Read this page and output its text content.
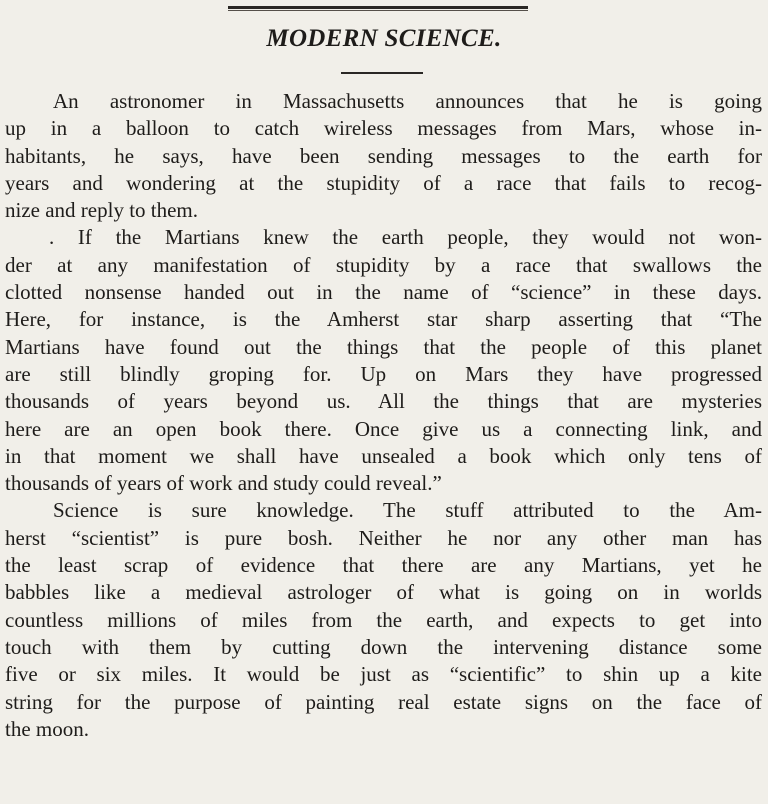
MODERN SCIENCE.
An astronomer in Massachusetts announces that he is going
up in a balloon to catch wireless messages from Mars, whose in-
habitants, he says, have been sending messages to the earth for
years and wondering at the stupidity of a race that fails to recog-
nize and reply to them.
. If the Martians knew the earth people, they would not won-
der at any manifestation of stupidity by a race that swallows the
clotted nonsense handed out in the name of “science” in these days.
Here, for instance, is the Amherst star sharp asserting that “The
Martians have found out the things that the people of this planet
are still blindly groping for. Up on Mars they have progressed
thousands of years beyond us. All the things that are mysteries
here are an open book there. Once give us a connecting link, and
in that moment we shall have unsealed a book which only tens of
thousands of years of work and study could reveal.”
Science is sure knowledge. The stuff attributed to the Am-
herst “scientist” is pure bosh. Neither he nor any other man has
the least scrap of evidence that there are any Martians, yet he
babbles like a medieval astrologer of what is going on in worlds
countless millions of miles from the earth, and expects to get into
touch with them by cutting down the intervening distance some
five or six miles. It would be just as “scientific” to shin up a kite
string for the purpose of painting real estate signs on the face of
the moon.
